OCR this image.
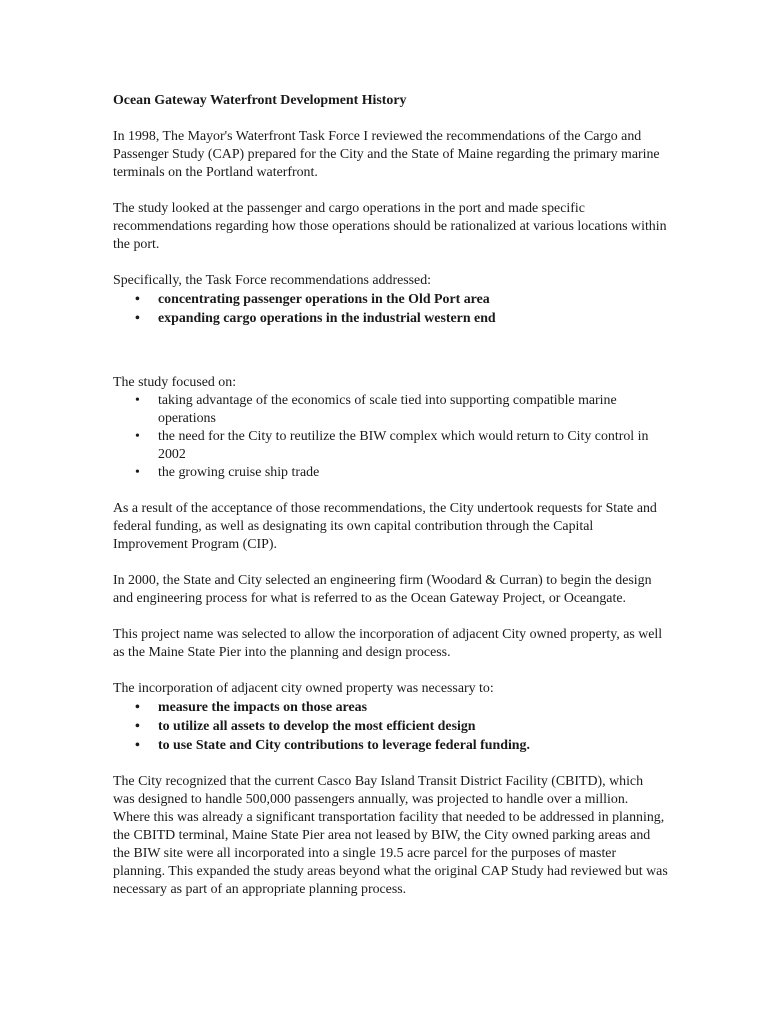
Ocean Gateway Waterfront Development History

In 1998, The Mayor's Waterfront Task Force I reviewed the recommendations of the Cargo and Passenger Study (CAP) prepared for the City and the State of Maine regarding the primary marine terminals on the Portland waterfront.

The study looked at the passenger and cargo operations in the port and made specific recommendations regarding how those operations should be rationalized at various locations within the port.

Specifically, the Task Force recommendations addressed:

• concentrating passenger operations in the Old Port area
• expanding cargo operations in the industrial western end

The study focused on:

• taking advantage of the economics of scale tied into supporting compatible marine operations
• the need for the City to reutilize the BIW complex which would return to City control in 2002
• the growing cruise ship trade

As a result of the acceptance of those recommendations, the City undertook requests for State and federal funding, as well as designating its own capital contribution through the Capital Improvement Program (CIP).

In 2000, the State and City selected an engineering firm (Woodard & Curran) to begin the design and engineering process for what is referred to as the Ocean Gateway Project, or Oceangate.

This project name was selected to allow the incorporation of adjacent City owned property, as well as the Maine State Pier into the planning and design process.

The incorporation of adjacent city owned property was necessary to:

• measure the impacts on those areas
• to utilize all assets to develop the most efficient design
• to use State and City contributions to leverage federal funding.

The City recognized that the current Casco Bay Island Transit District Facility (CBITD), which was designed to handle 500,000 passengers annually, was projected to handle over a million. Where this was already a significant transportation facility that needed to be addressed in planning, the CBITD terminal, Maine State Pier area not leased by BIW, the City owned parking areas and the BIW site were all incorporated into a single 19.5 acre parcel for the purposes of master planning. This expanded the study areas beyond what the original CAP Study had reviewed but was necessary as part of an appropriate planning process.
